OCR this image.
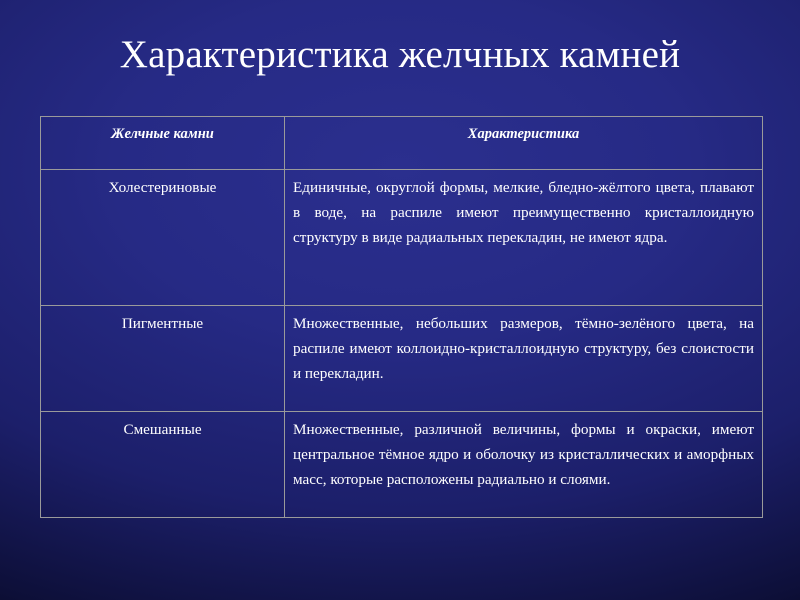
Характеристика желчных камней
Желчные камни	Характеристика
Холестериновые	Единичные, округлой формы, мелкие, бледно-жёлтого цвета, плавают в воде, на распиле имеют преимущественно кристаллоидную структуру в виде радиальных перекладин, не имеют ядра.
Пигментные	Множественные, небольших размеров, тёмно-зелёного цвета, на распиле имеют коллоидно-кристаллоидную структуру, без слоистости и перекладин.
Смешанные	Множественные, различной величины, формы и окраски, имеют центральное тёмное ядро и оболочку из кристаллических и аморфных масс, которые расположены радиально и слоями.
